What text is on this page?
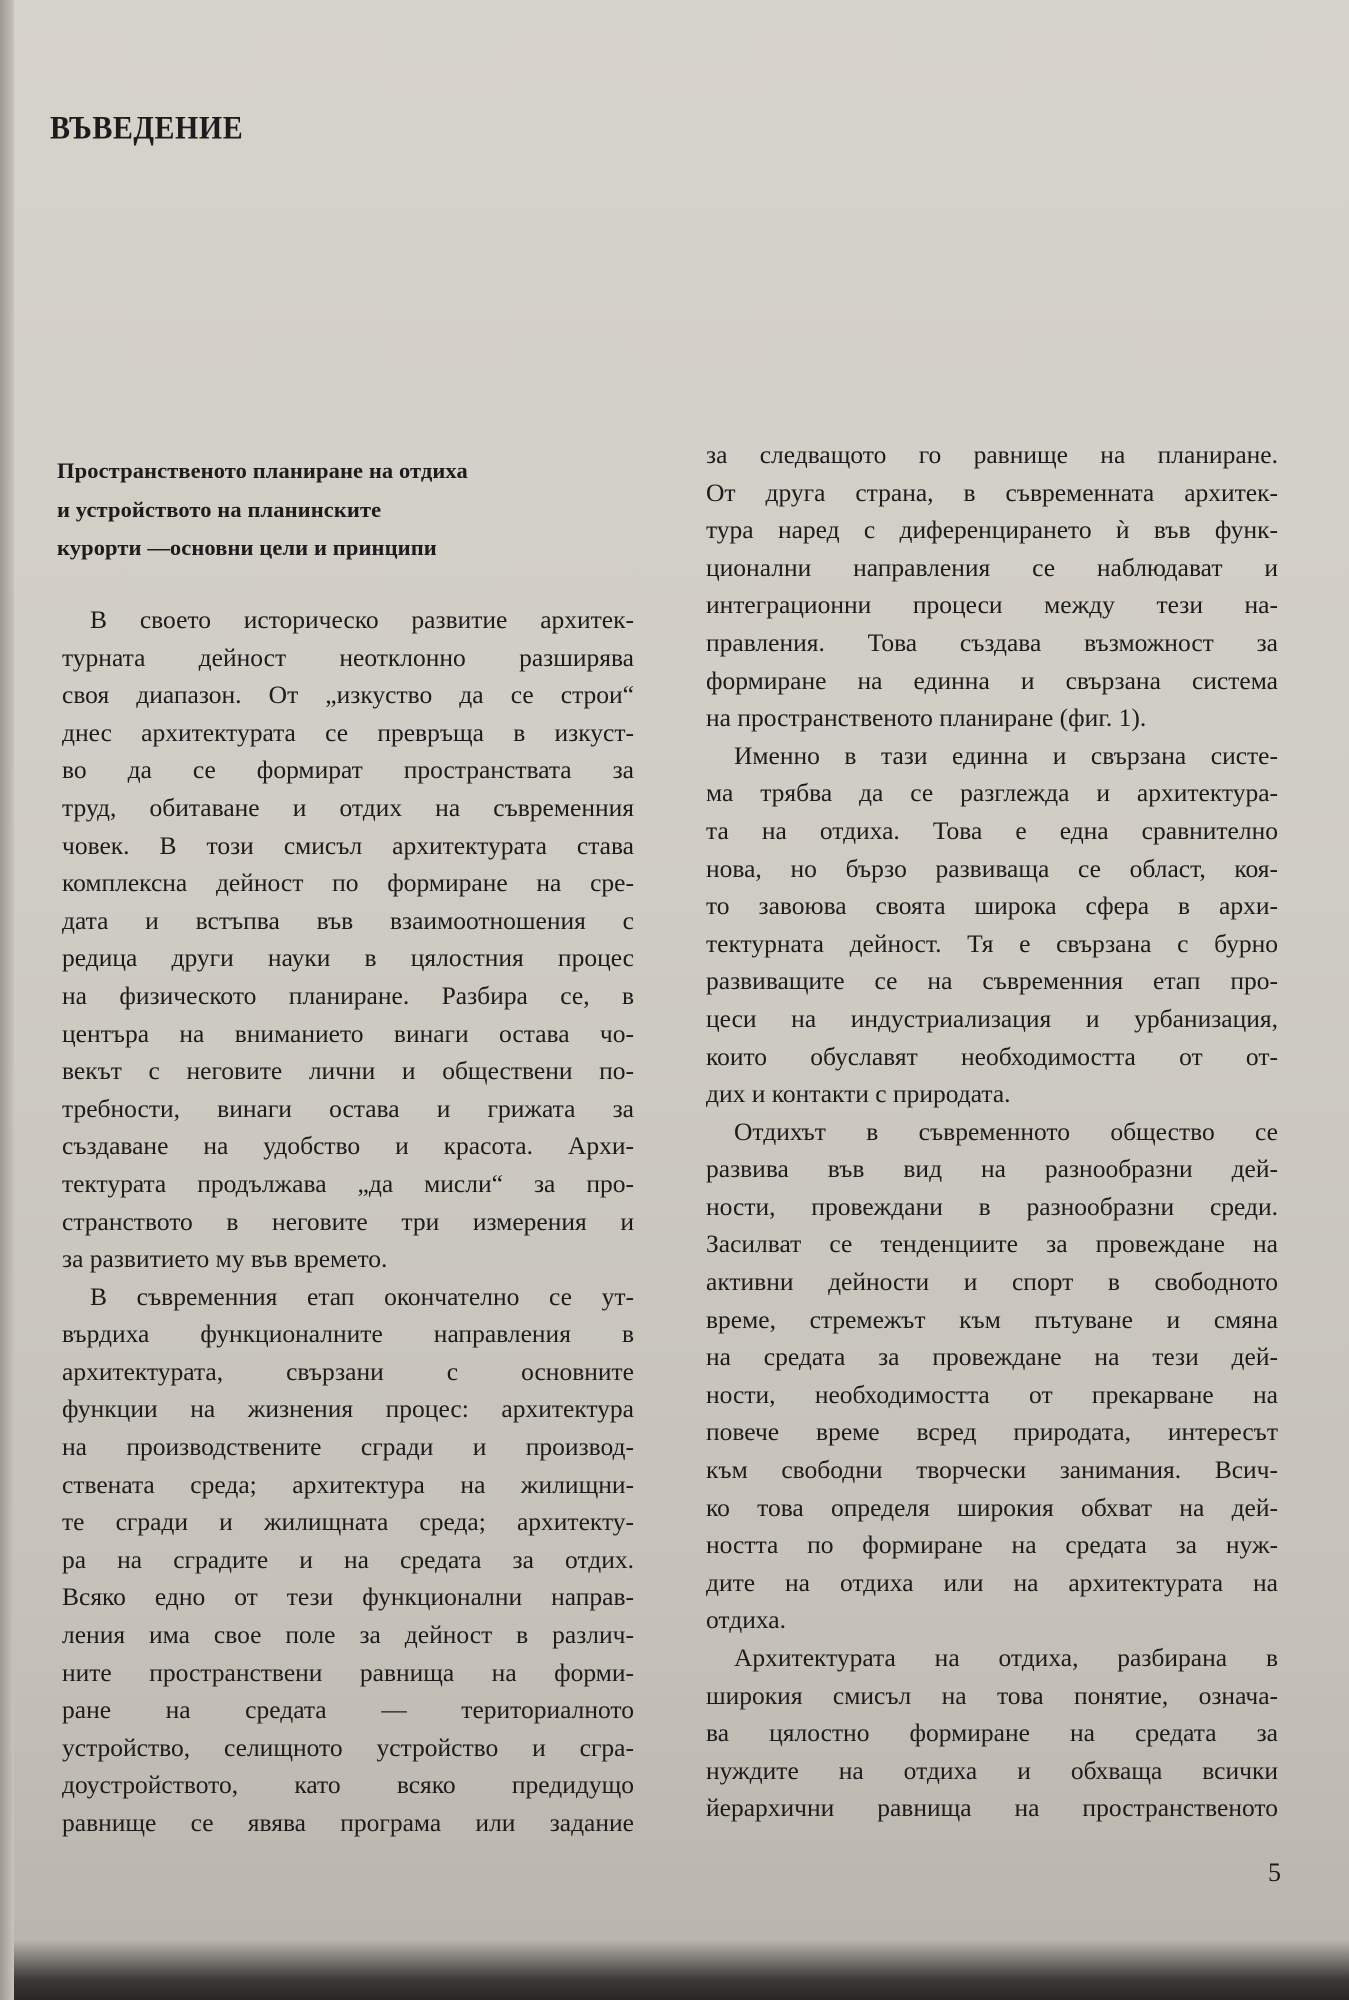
ВЪВЕДЕНИЕ
Пространственото планиране на отдиха
и устройството на планинските
курорти —основни цели и принципи
В своето историческо развитие архитек-
турната дейност неотклонно разширява
своя диапазон. От „изкуство да се строи“
днес архитектурата се превръща в изкуст-
во да се формират пространствата за
труд, обитаване и отдих на съвременния
човек. В този смисъл архитектурата става
комплексна дейност по формиране на сре-
дата и встъпва във взаимоотношения с
редица други науки в цялостния процес
на физическото планиране. Разбира се, в
центъра на вниманието винаги остава чо-
векът с неговите лични и обществени по-
требности, винаги остава и грижата за
създаване на удобство и красота. Архи-
тектурата продължава „да мисли“ за про-
странството в неговите три измерения и
за развитието му във времето.
В съвременния етап окончателно се ут-
върдиха функционалните направления в
архитектурата, свързани с основните
функции на жизнения процес: архитектура
на производствените сгради и производ-
ствената среда; архитектура на жилищни-
те сгради и жилищната среда; архитекту-
ра на сградите и на средата за отдих.
Всяко едно от тези функционални направ-
ления има свое поле за дейност в различ-
ните пространствени равнища на форми-
ране на средата — териториалното
устройство, селищното устройство и сгра-
доустройството, като всяко предидущо
равнище се явява програма или задание
за следващото го равнище на планиране.
От друга страна, в съвременната архитек-
тура наред с диференцирането ѝ във функ-
ционални направления се наблюдават и
интеграционни процеси между тези на-
правления. Това създава възможност за
формиране на единна и свързана система
на пространственото планиране (фиг. 1).
Именно в тази единна и свързана систе-
ма трябва да се разглежда и архитектура-
та на отдиха. Това е една сравнително
нова, но бързо развиваща се област, коя-
то завоюва своята широка сфера в архи-
тектурната дейност. Тя е свързана с бурно
развиващите се на съвременния етап про-
цеси на индустриализация и урбанизация,
които обуславят необходимостта от от-
дих и контакти с природата.
Отдихът в съвременното общество се
развива във вид на разнообразни дей-
ности, провеждани в разнообразни среди.
Засилват се тенденциите за провеждане на
активни дейности и спорт в свободното
време, стремежът към пътуване и смяна
на средата за провеждане на тези дей-
ности, необходимостта от прекарване на
повече време всред природата, интересът
към свободни творчески занимания. Всич-
ко това определя широкия обхват на дей-
ността по формиране на средата за нуж-
дите на отдиха или на архитектурата на
отдиха.
Архитектурата на отдиха, разбирана в
широкия смисъл на това понятие, означа-
ва цялостно формиране на средата за
нуждите на отдиха и обхваща всички
йерархични равнища на пространственото

5
